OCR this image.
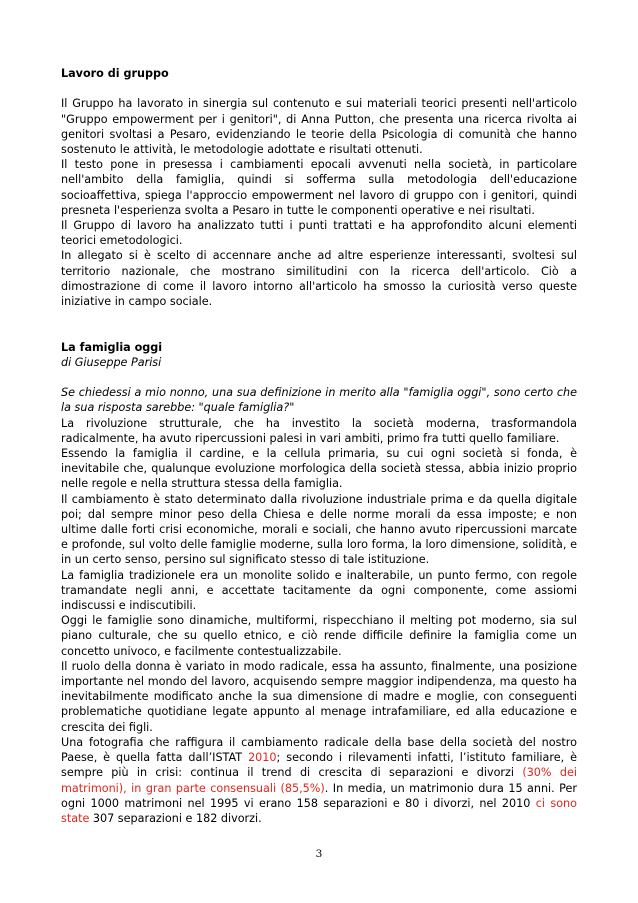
Lavoro di gruppo

Il Gruppo ha lavorato in sinergia sul contenuto e sui materiali teorici presenti nell'articolo "Gruppo empowerment per i genitori", di Anna Putton, che presenta una ricerca rivolta ai genitori svoltasi a Pesaro, evidenziando le teorie della Psicologia di comunità che hanno sostenuto le attività, le metodologie adottate e risultati ottenuti.

Il testo pone in presessa i cambiamenti epocali avvenuti nella società, in particolare nell'ambito della famiglia, quindi si sofferma sulla metodologia dell'educazione socioaffettiva, spiega l'approccio empowerment nel lavoro di gruppo con i genitori, quindi presneta l'esperienza svolta a Pesaro in tutte le componenti operative e nei risultati.

Il Gruppo di lavoro ha analizzato tutti i punti trattati e ha approfondito alcuni elementi teorici emetodologici.

In allegato si è scelto di accennare anche ad altre esperienze interessanti, svoltesi sul territorio nazionale, che mostrano similitudini con la ricerca dell'articolo. Ciò a dimostrazione di come il lavoro intorno all'articolo ha smosso la curiosità verso queste iniziative in campo sociale.

La famiglia oggi

di Giuseppe Parisi

Se chiedessi a mio nonno, una sua definizione in merito alla "famiglia oggi", sono certo che la sua risposta sarebbe: "quale famiglia?"

La rivoluzione strutturale, che ha investito la società moderna, trasformandola radicalmente, ha avuto ripercussioni palesi in vari ambiti, primo fra tutti quello familiare.

Essendo la famiglia il cardine, e la cellula primaria, su cui ogni società si fonda, è inevitabile che, qualunque evoluzione morfologica della società stessa, abbia inizio proprio nelle regole e nella struttura stessa della famiglia.

Il cambiamento è stato determinato dalla rivoluzione industriale prima e da quella digitale poi; dal sempre minor peso della Chiesa e delle norme morali da essa imposte; e non ultime dalle forti crisi economiche, morali e sociali, che hanno avuto ripercussioni marcate e profonde, sul volto delle famiglie moderne, sulla loro forma, la loro dimensione, solidità, e in un certo senso, persino sul significato stesso di tale istituzione.

La famiglia tradizionele era un monolite solido e inalterabile, un punto fermo, con regole tramandate negli anni, e accettate tacitamente da ogni componente, come assiomi indiscussi e indiscutibili.

Oggi le famiglie sono dinamiche, multiformi, rispecchiano il melting pot moderno, sia sul piano culturale, che su quello etnico, e ciò rende difficile definire la famiglia come un concetto univoco, e facilmente contestualizzabile.

Il ruolo della donna è variato in modo radicale, essa ha assunto, finalmente, una posizione importante nel mondo del lavoro, acquisendo sempre maggior indipendenza, ma questo ha inevitabilmente modificato anche la sua dimensione di madre e moglie, con conseguenti problematiche quotidiane legate appunto al menage intrafamiliare, ed alla educazione e crescita dei figli.

Una fotografia che raffigura il cambiamento radicale della base della società del nostro Paese, è quella fatta dall’ISTAT 2010; secondo i rilevamenti infatti, l’istituto familiare, è sempre più in crisi: continua il trend di crescita di separazioni e divorzi (30% dei matrimoni), in gran parte consensuali (85,5%). In media, un matrimonio dura 15 anni. Per ogni 1000 matrimoni nel 1995 vi erano 158 separazioni e 80 i divorzi, nel 2010 ci sono state 307 separazioni e 182 divorzi.

3
